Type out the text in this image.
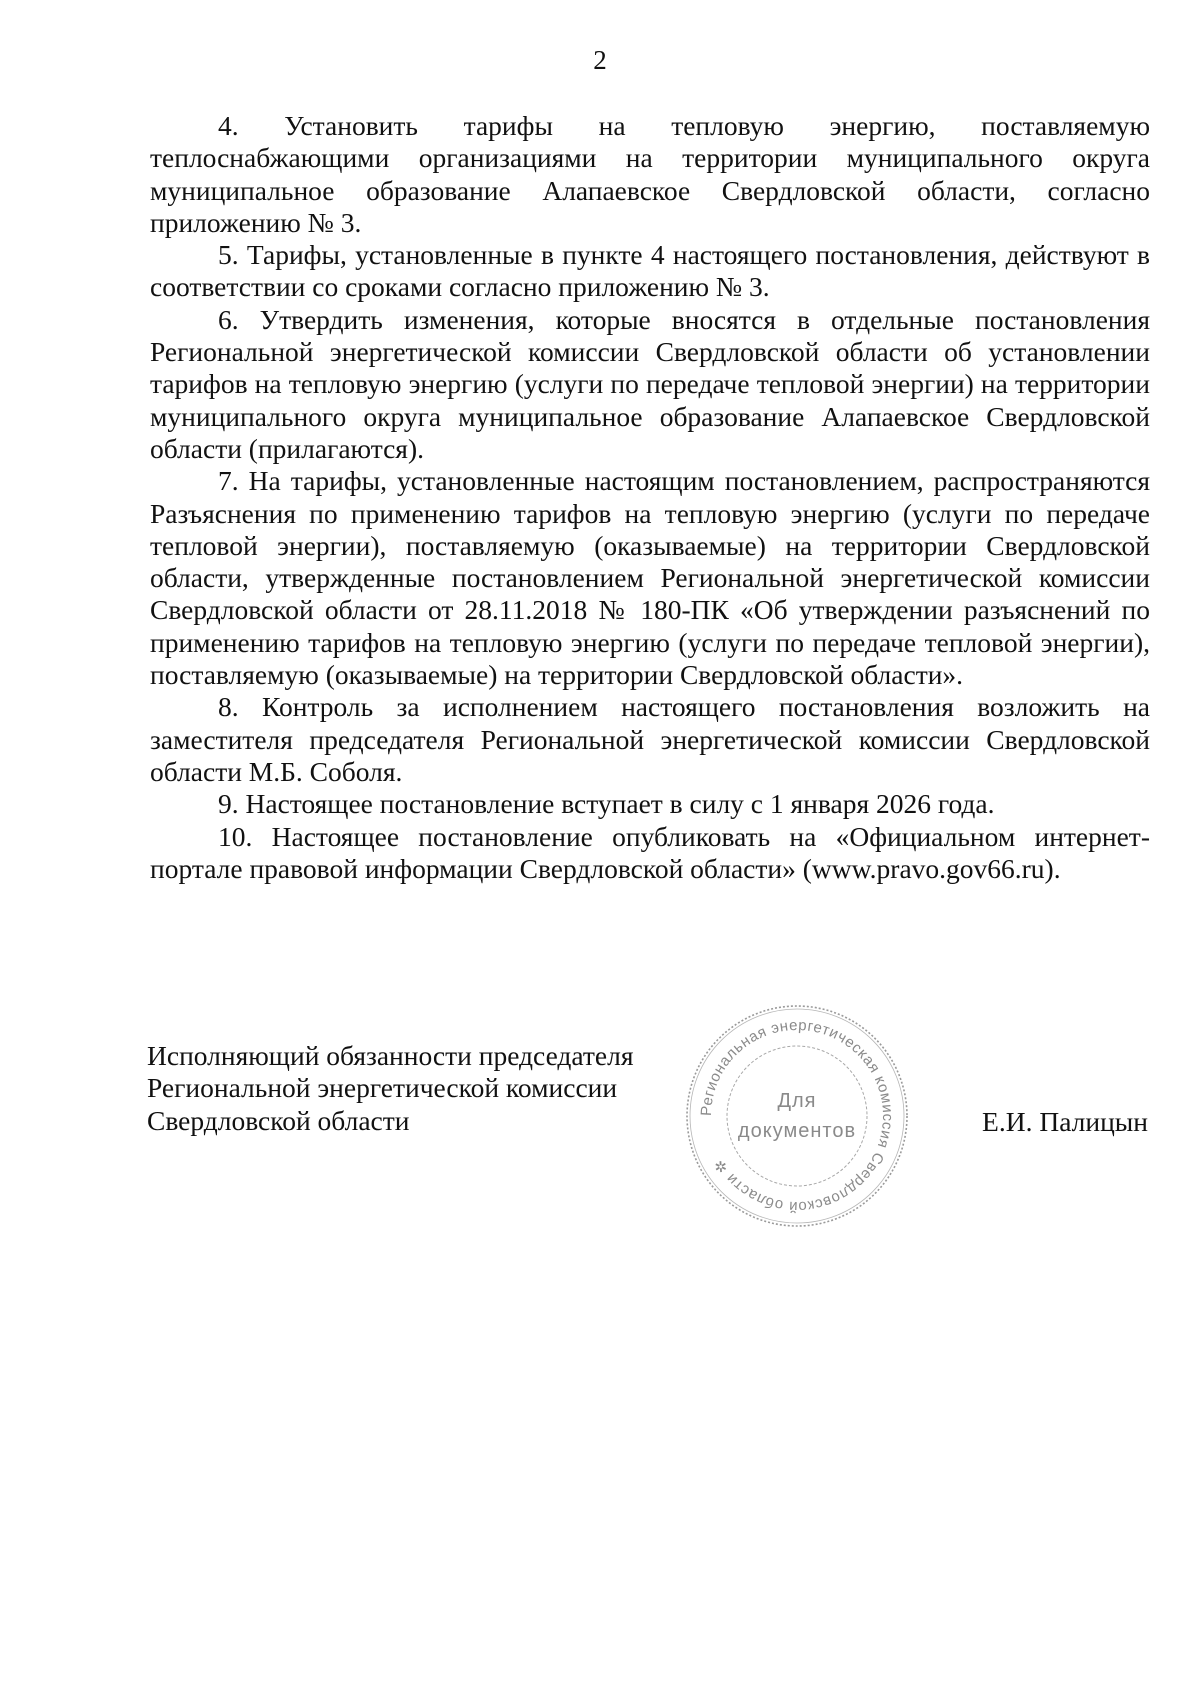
2

4. Установить тарифы на тепловую энергию, поставляемую теплоснабжающими организациями на территории муниципального округа муниципальное образование Алапаевское Свердловской области, согласно приложению № 3.

5. Тарифы, установленные в пункте 4 настоящего постановления, действуют в соответствии со сроками согласно приложению № 3.

6. Утвердить изменения, которые вносятся в отдельные постановления Региональной энергетической комиссии Свердловской области об установлении тарифов на тепловую энергию (услуги по передаче тепловой энергии) на территории муниципального округа муниципальное образование Алапаевское Свердловской области (прилагаются).

7. На тарифы, установленные настоящим постановлением, распространяются Разъяснения по применению тарифов на тепловую энергию (услуги по передаче тепловой энергии), поставляемую (оказываемые) на территории Свердловской области, утвержденные постановлением Региональной энергетической комиссии Свердловской области от 28.11.2018 № 180-ПК «Об утверждении разъяснений по применению тарифов на тепловую энергию (услуги по передаче тепловой энергии), поставляемую (оказываемые) на территории Свердловской области».

8. Контроль за исполнением настоящего постановления возложить на заместителя председателя Региональной энергетической комиссии Свердловской области М.Б. Соболя.

9. Настоящее постановление вступает в силу с 1 января 2026 года.

10. Настоящее постановление опубликовать на «Официальном интернет-портале правовой информации Свердловской области» (www.pravo.gov66.ru).

Исполняющий обязанности председателя
Региональной энергетической комиссии
Свердловской области	Региональная энергетическая комиссия Свердловской области ✲
Для
документов	Е.И. Палицын
